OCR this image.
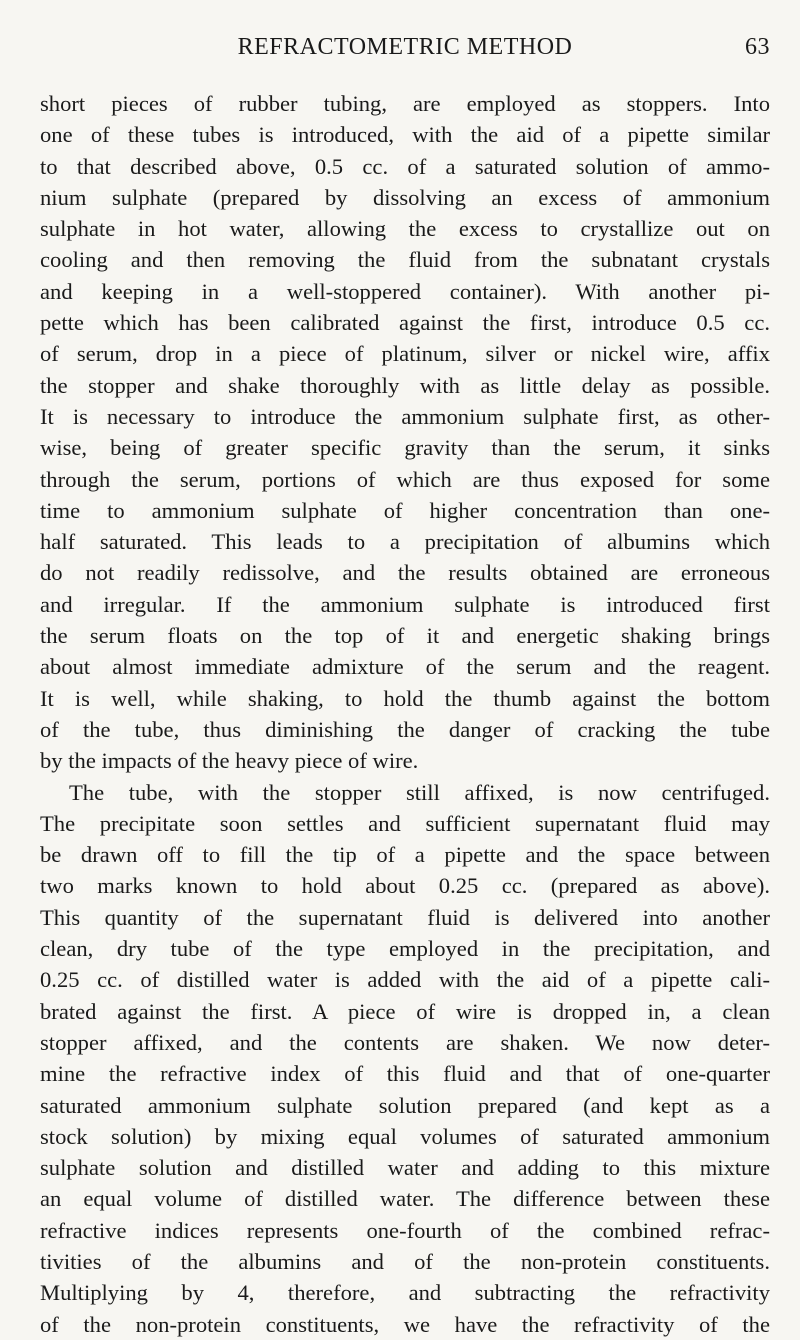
REFRACTOMETRIC METHOD	63
short pieces of rubber tubing, are employed as stoppers. Into
one of these tubes is introduced, with the aid of a pipette similar
to that described above, 0.5 cc. of a saturated solution of ammo-
nium sulphate (prepared by dissolving an excess of ammonium
sulphate in hot water, allowing the excess to crystallize out on
cooling and then removing the fluid from the subnatant crystals
and keeping in a well-stoppered container). With another pi-
pette which has been calibrated against the first, introduce 0.5 cc.
of serum, drop in a piece of platinum, silver or nickel wire, affix
the stopper and shake thoroughly with as little delay as possible.
It is necessary to introduce the ammonium sulphate first, as other-
wise, being of greater specific gravity than the serum, it sinks
through the serum, portions of which are thus exposed for some
time to ammonium sulphate of higher concentration than one-
half saturated. This leads to a precipitation of albumins which
do not readily redissolve, and the results obtained are erroneous
and irregular. If the ammonium sulphate is introduced first
the serum floats on the top of it and energetic shaking brings
about almost immediate admixture of the serum and the reagent.
It is well, while shaking, to hold the thumb against the bottom
of the tube, thus diminishing the danger of cracking the tube
by the impacts of the heavy piece of wire.
The tube, with the stopper still affixed, is now centrifuged.
The precipitate soon settles and sufficient supernatant fluid may
be drawn off to fill the tip of a pipette and the space between
two marks known to hold about 0.25 cc. (prepared as above).
This quantity of the supernatant fluid is delivered into another
clean, dry tube of the type employed in the precipitation, and
0.25 cc. of distilled water is added with the aid of a pipette cali-
brated against the first. A piece of wire is dropped in, a clean
stopper affixed, and the contents are shaken. We now deter-
mine the refractive index of this fluid and that of one-quarter
saturated ammonium sulphate solution prepared (and kept as a
stock solution) by mixing equal volumes of saturated ammonium
sulphate solution and distilled water and adding to this mixture
an equal volume of distilled water. The difference between these
refractive indices represents one-fourth of the combined refrac-
tivities of the albumins and of the non-protein constituents.
Multiplying by 4, therefore, and subtracting the refractivity
of the non-protein constituents, we have the refractivity of the
